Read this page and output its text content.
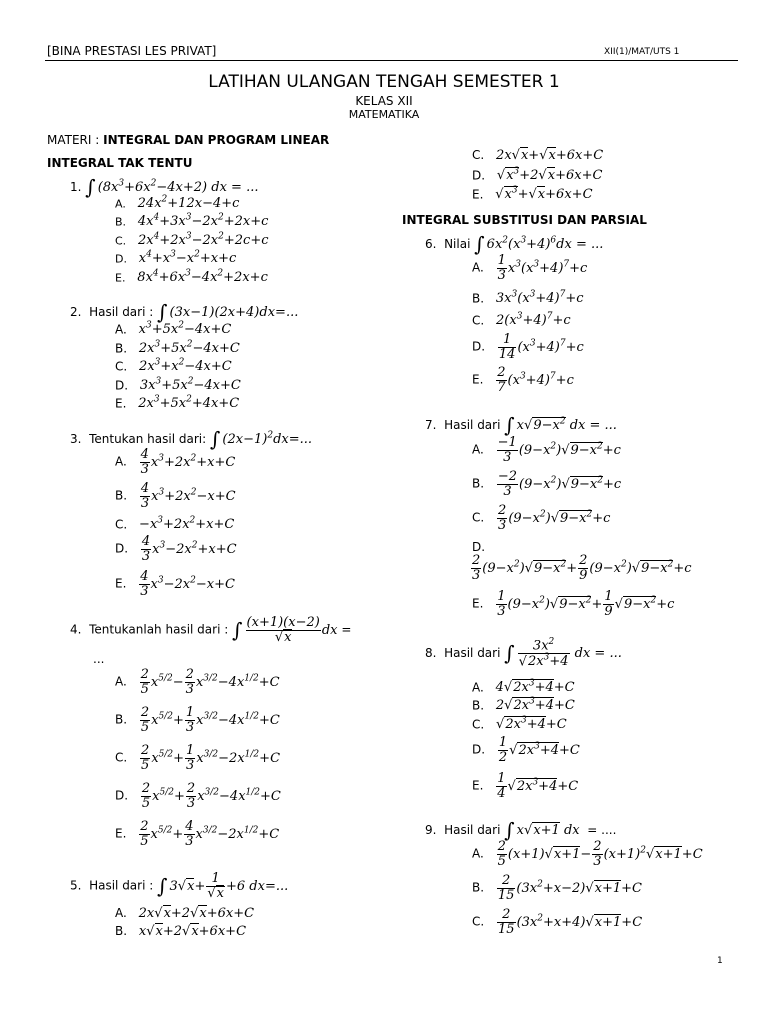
[BINA PRESTASI LES PRIVAT]	XII(1)/MAT/UTS 1
LATIHAN ULANGAN TENGAH SEMESTER 1
KELAS XII
MATEMATIKA
MATERI : INTEGRAL DAN PROGRAM LINEAR
INTEGRAL TAK TENTU
1. ∫ $(8x^3+6x^2-4x+2)$ dx = ...
A. $24x^2+12x-4+c$
B. $4x^4+3x^3-2x^2+2x+c$
C. $2x^4+2x^3-2x^2+2c+c$
D. $x^4+x^3-x^2+x+c$
E. $8x^4+6x^3-4x^2+2x+c$
2.  Hasil dari : ∫ (3x−1)(2x+4)dx=...
A. $x^3+5x^2-4x+C$
B. $2x^3+5x^2-4x+C$
C. $2x^3+x^2-4x+C$
D. $3x^3+5x^2-4x+C$
E. $2x^3+5x^2+4x+C$
3.  Tentukan hasil dari: ∫ $(2x-1)^2dx=$...
A. $\frac{4}{3} x^3+2x^2+x+C$
B. $\frac{4}{3} x^3+2x^2-x+C$
C. $-x^3+2x^2+x+C$
D. $\frac{4}{3} x^3-2x^2+x+C$
E. $\frac{4}{3} x^3-2x^2-x+C$
4.  Tentukanlah hasil dari : ∫ $\frac{(x+1)(x-2)}{√x}$ dx =
...
A. $\frac{2}{5} x^{5/2}- \frac{2}{3} x^{3/2}-4x^{1/2}+C$
B. $\frac{2}{5} x^{5/2}+ \frac{1}{3} x^{3/2}-4x^{1/2}+C$
C. $\frac{2}{5} x^{5/2}+ \frac{1}{3} x^{3/2}-2x^{1/2}+C$
D. $\frac{2}{5} x^{5/2}+ \frac{2}{3} x^{3/2}-4x^{1/2}+C$
E. $\frac{2}{5} x^{5/2}+ \frac{4}{3} x^{3/2}-2x^{1/2}+C$
5.  Hasil dari : ∫ $3√x+ \frac{1}{√x} +6$ dx=...
A. 2x√x+2√x+6x+C
B. x√x+2√x+6x+C
C. 2x√x+√x+6x+C
D. $√x^3+2√x+6x+C$
E. $√x^3+√x+6x+C$
INTEGRAL SUBSTITUSI DAN PARSIAL
6.  Nilai ∫ $6x^2(x^3+4)^6dx$ = ...
A. $\frac{1}{3} x^3(x^3+4)^7+c$
B. $3x^3(x^3+4)^7+c$
C. $2(x^3+4)^7+c$
D. $\frac{1}{14} (x^3+4)^7+c$
E. $\frac{2}{7} (x^3+4)^7+c$
7.  Hasil dari ∫ $x√9-x^2$ dx = ...
A. $\frac{-1}{3} (9-x^2)√9-x^2+c$
B. $\frac{-2}{3} (9-x^2)√9-x^2+c$
C. $\frac{2}{3} (9-x^2)√9-x^2+c$
D.
$\frac{2}{3} (9-x^2)√9-x^2+ \frac{2}{9} (9-x^2)√9-x^2+c$
E. $\frac{1}{3} (9-x^2)√9-x^2+ \frac{1}{9} √9-x^2+c$
8.  Hasil dari ∫ $\frac{3x^2}{√2x^3+4}$ dx = ...
A. $4√2x^3+4+C$
B. $2√2x^3+4+C$
C. $√2x^3+4+C$
D. $\frac{1}{2} √2x^3+4+C$
E. $\frac{1}{4} √2x^3+4+C$
9.  Hasil dari ∫ x√x+1 dx  = ....
A. $\frac{2}{5} (x+1)√x+1- \frac{2}{3} (x+1)^2√x+1+C$
B. $\frac{2}{15} (3x^2+x-2)√x+1+C$
C. $\frac{2}{15} (3x^2+x+4)√x+1+C$
1
